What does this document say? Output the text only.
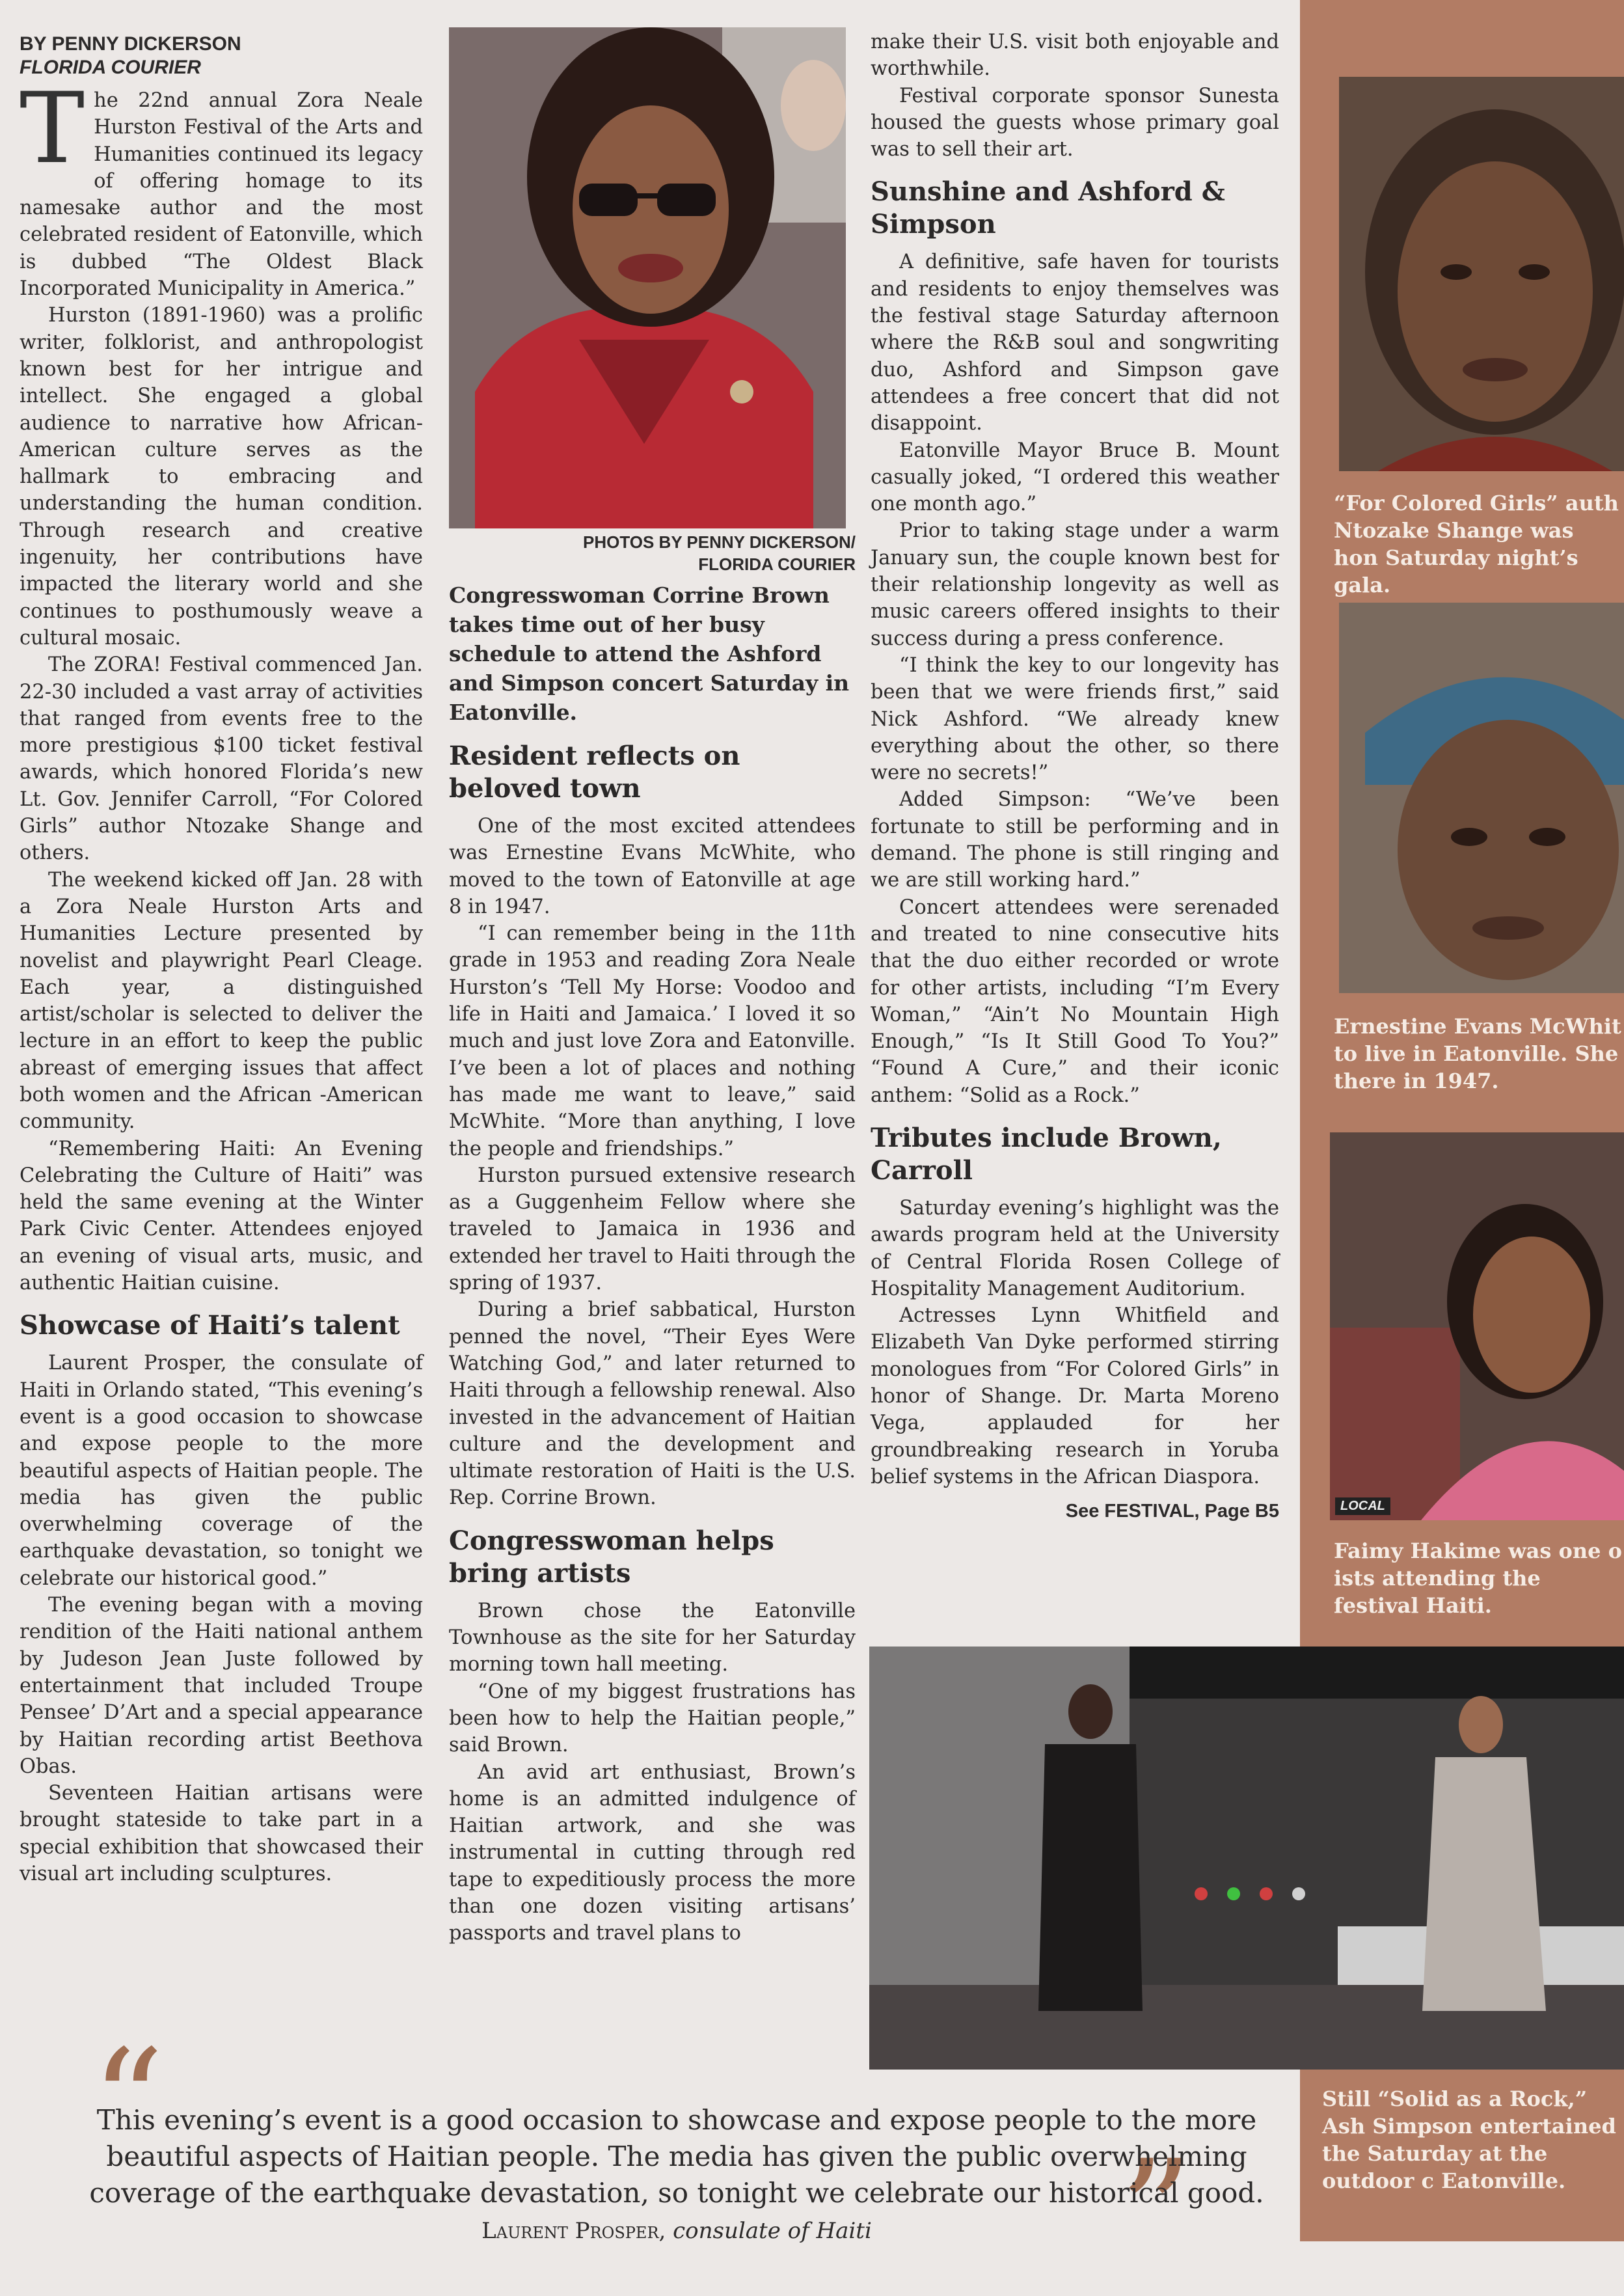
BY PENNY DICKERSON
FLORIDA COURIER
T he 22nd annual Zora Neale Hurston Festival of the Arts and Humanities continued its legacy of offering homage to its namesake author and the most celebrated resident of Eatonville, which is dubbed “The Oldest Black Incorporated Municipality in America.”

Hurston (1891-1960) was a prolific writer, folklorist, and anthropologist known best for her intrigue and intellect. She engaged a global audience to narrative how African-American culture serves as the hallmark to embracing and understanding the human condition. Through research and creative ingenuity, her contributions have impacted the literary world and she continues to posthumously weave a cultural mosaic.

The ZORA! Festival commenced Jan. 22-30 included a vast array of activities that ranged from events free to the more prestigious $100 ticket festival awards, which honored Florida’s new Lt. Gov. Jennifer Carroll, “For Colored Girls” author Ntozake Shange and others.

The weekend kicked off Jan. 28 with a Zora Neale Hurston Arts and Humanities Lecture presented by novelist and playwright Pearl Cleage. Each year, a distinguished artist/scholar is selected to deliver the lecture in an effort to keep the public abreast of emerging issues that affect both women and the African -American community.

“Remembering Haiti: An Evening Celebrating the Culture of Haiti” was held the same evening at the Winter Park Civic Center. Attendees enjoyed an evening of visual arts, music, and authentic Haitian cuisine.

Showcase of Haiti’s talent

Laurent Prosper, the consulate of Haiti in Orlando stated, “This evening’s event is a good occasion to showcase and expose people to the more beautiful aspects of Haitian people. The media has given the public overwhelming coverage of the earthquake devastation, so tonight we celebrate our historical good.”

The evening began with a moving rendition of the Haiti national anthem by Judeson Jean Juste followed by entertainment that included Troupe Pensee’ D’Art and a special appearance by Haitian recording artist Beethova Obas.

Seventeen Haitian artisans were brought stateside to take part in a special exhibition that showcased their visual art including sculptures.

PHOTOS BY PENNY DICKERSON/
FLORIDA COURIER

Congresswoman Corrine Brown takes time out of her busy schedule to attend the Ashford and Simpson concert Saturday in Eatonville.

Resident reflects on beloved town

One of the most excited attendees was Ernestine Evans McWhite, who moved to the town of Eatonville at age 8 in 1947.

“I can remember being in the 11th grade in 1953 and reading Zora Neale Hurston’s ‘Tell My Horse: Voodoo and life in Haiti and Jamaica.’ I loved it so much and just love Zora and Eatonville. I’ve been a lot of places and nothing has made me want to leave,” said McWhite. “More than anything, I love the people and friendships.”

Hurston pursued extensive research as a Guggenheim Fellow where she traveled to Jamaica in 1936 and extended her travel to Haiti through the spring of 1937.

During a brief sabbatical, Hurston penned the novel, “Their Eyes Were Watching God,” and later returned to Haiti through a fellowship renewal. Also invested in the advancement of Haitian culture and the development and ultimate restoration of Haiti is the U.S. Rep. Corrine Brown.

Congresswoman helps bring artists

Brown chose the Eatonville Townhouse as the site for her Saturday morning town hall meeting.

“One of my biggest frustrations has been how to help the Haitian people,” said Brown.

An avid art enthusiast, Brown’s home is an admitted indulgence of Haitian artwork, and she was instrumental in cutting through red tape to expeditiously process the more than one dozen visiting artisans’ passports and travel plans to

make their U.S. visit both enjoyable and worthwhile.

Festival corporate sponsor Sunesta housed the guests whose primary goal was to sell their art.

Sunshine and Ashford & Simpson

A definitive, safe haven for tourists and residents to enjoy themselves was the festival stage Saturday afternoon where the R&B soul and songwriting duo, Ashford and Simpson gave attendees a free concert that did not disappoint.

Eatonville Mayor Bruce B. Mount casually joked, “I ordered this weather one month ago.”

Prior to taking stage under a warm January sun, the couple known best for their relationship longevity as well as music careers offered insights to their success during a press conference.

“I think the key to our longevity has been that we were friends first,” said Nick Ashford. “We already knew everything about the other, so there were no secrets!”

Added Simpson: “We’ve been fortunate to still be performing and in demand. The phone is still ringing and we are still working hard.”

Concert attendees were serenaded and treated to nine consecutive hits that the duo either recorded or wrote for other artists, including “I’m Every Woman,” “Ain’t No Mountain High Enough,” “Is It Still Good To You?” “Found A Cure,” and their iconic anthem: “Solid as a Rock.”

Tributes include Brown, Carroll

Saturday evening’s highlight was the awards program held at the University of Central Florida Rosen College of Hospitality Management Auditorium.

Actresses Lynn Whitfield and Elizabeth Van Dyke performed stirring monologues from “For Colored Girls” in honor of Shange. Dr. Marta Moreno Vega, applauded for her groundbreaking research in Yoruba belief systems in the African Diaspora.

See FESTIVAL, Page B5
“For Colored Girls” auth Ntozake Shange was hon Saturday night’s gala.
Ernestine Evans McWhit to live in Eatonville. She there in 1947.
LOCAL
Faimy Hakime was one o ists attending the festival Haiti.
Still “Solid as a Rock,” Ash Simpson entertained the Saturday at the outdoor c Eatonville.
“
”
This evening’s event is a good occasion to showcase and expose people to the more beautiful aspects of Haitian people. The media has given the public overwhelming coverage of the earthquake devastation, so tonight we celebrate our historical good.
Laurent Prosper, consulate of Haiti
